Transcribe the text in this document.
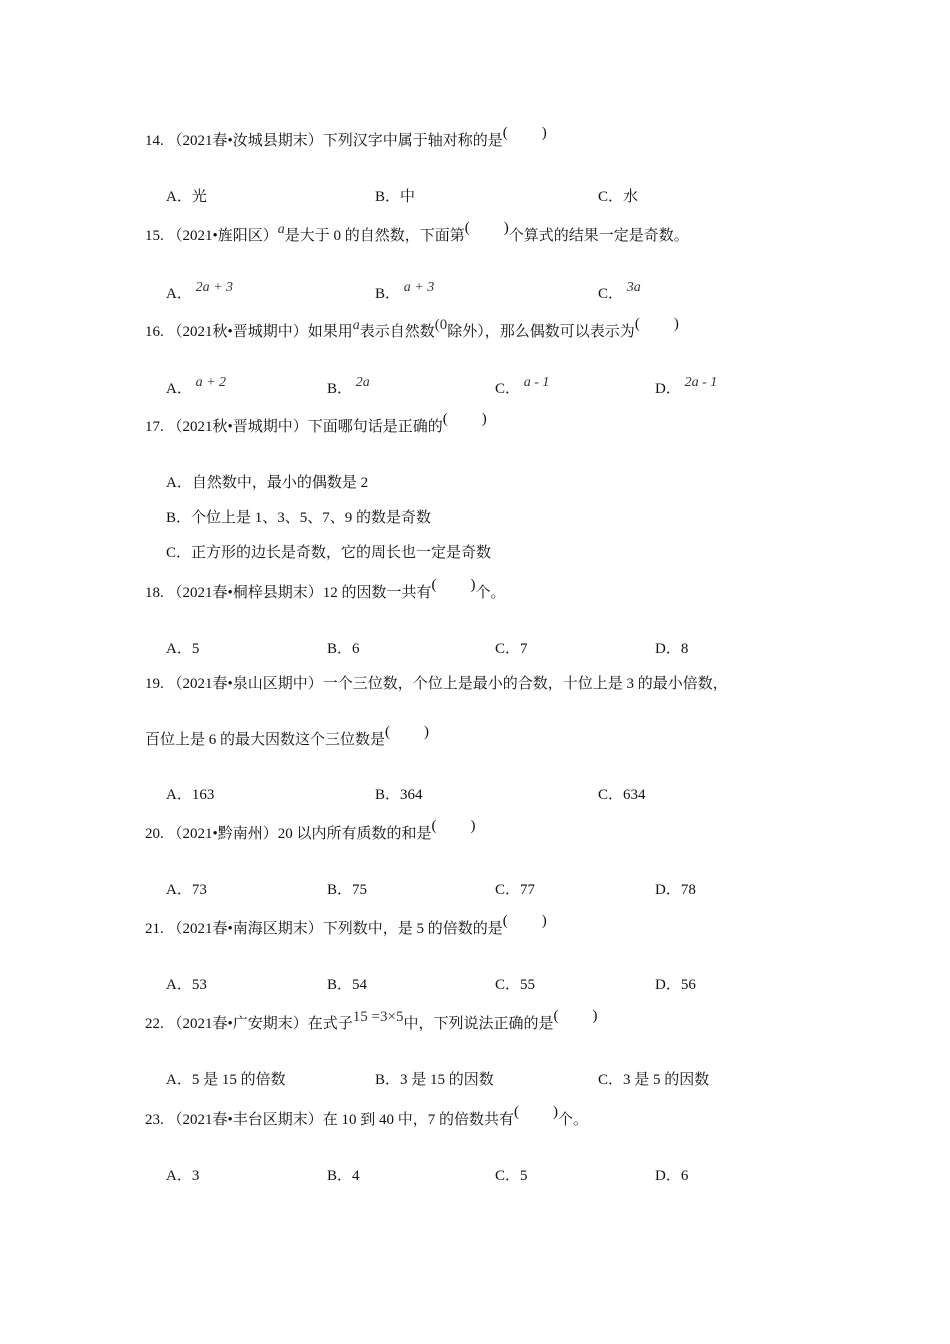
14. （2021春•汝城县期末）下列汉字中属于轴对称的是( )
A．光	B．中	C．水
15. （2021•旌阳区）a是大于 0 的自然数，下面第( )个算式的结果一定是奇数。
A． 2a + 3	B． a + 3	C． 3a
16. （2021秋•晋城期中）如果用a表示自然数(0除外），那么偶数可以表示为( )
A． a + 2	B． 2a	C． a - 1	D． 2a - 1
17. （2021秋•晋城期中）下面哪句话是正确的( )
A．自然数中，最小的偶数是 2
B．个位上是 1、3、5、7、9 的数是奇数
C．正方形的边长是奇数，它的周长也一定是奇数
18. （2021春•桐梓县期末）12 的因数一共有( )个。
A．5	B．6	C．7	D．8
19. （2021春•泉山区期中）一个三位数，个位上是最小的合数，十位上是 3 的最小倍数，
百位上是 6 的最大因数这个三位数是( )
A．163	B．364	C．634
20. （2021•黔南州）20 以内所有质数的和是( )
A．73	B．75	C．77	D．78
21. （2021春•南海区期末）下列数中，是 5 的倍数的是( )
A．53	B．54	C．55	D．56
22. （2021春•广安期末）在式子15 =3×5中，下列说法正确的是( )
A．5 是 15 的倍数	B．3 是 15 的因数	C．3 是 5 的因数
23. （2021春•丰台区期末）在 10 到 40 中，7 的倍数共有( )个。
A．3	B．4	C．5	D．6
